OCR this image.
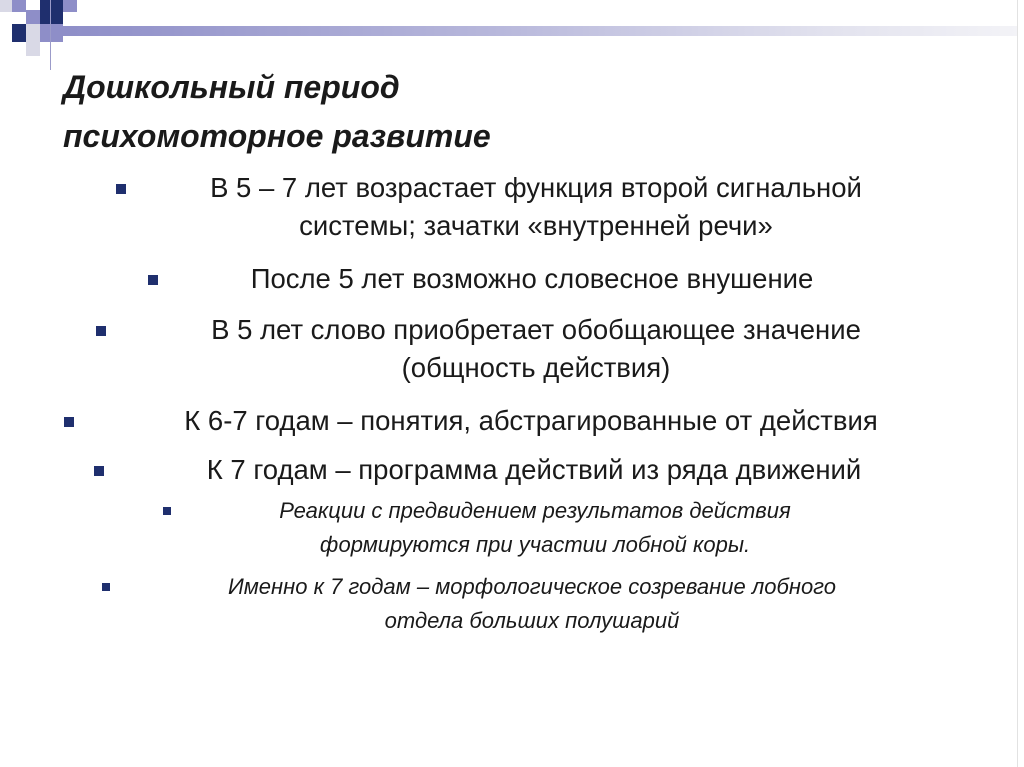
Дошкольный период
психомоторное развитие
В 5 – 7 лет возрастает функция второй сигнальной
системы; зачатки «внутренней речи»
После 5 лет возможно словесное внушение
В 5 лет слово приобретает обобщающее значение
(общность действия)
К 6-7 годам – понятия, абстрагированные от действия
К 7 годам – программа действий из ряда движений
Реакции с предвидением результатов действия
формируются при участии лобной коры.
Именно к 7 годам – морфологическое созревание лобного
отдела больших полушарий
